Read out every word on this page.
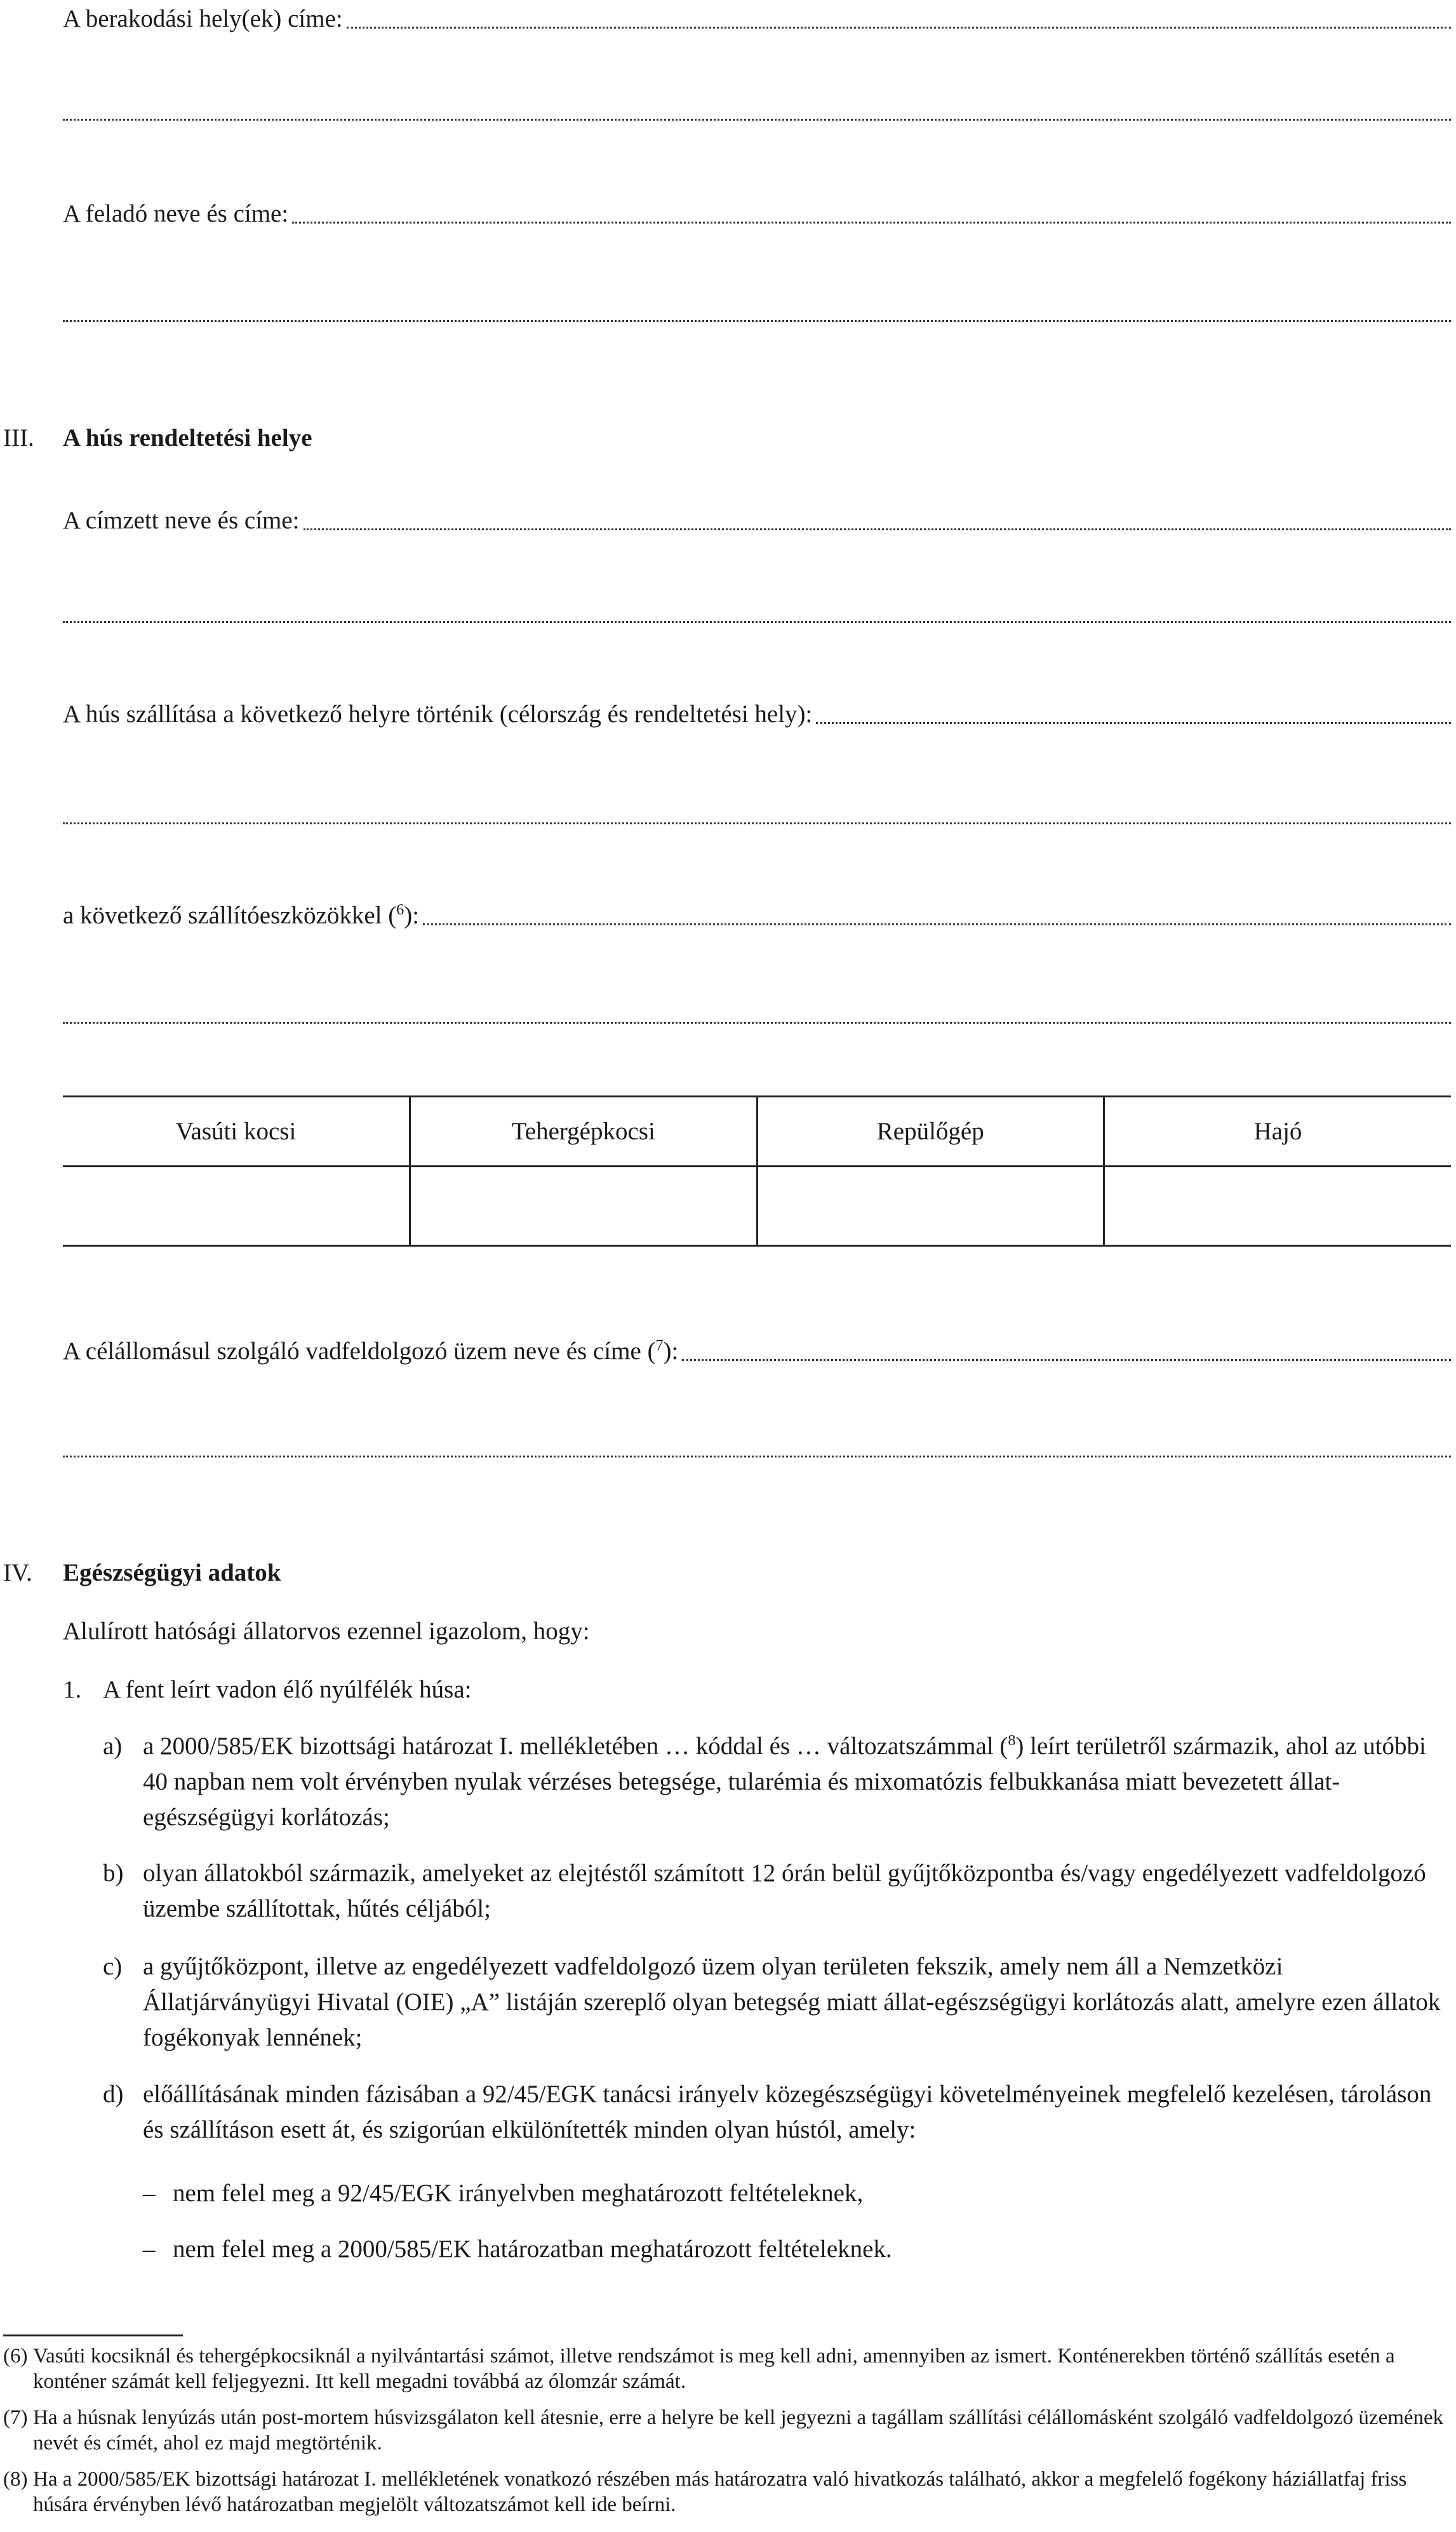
A berakodási hely(ek) címe:
A feladó neve és címe:
III. A hús rendeltetési helye
A címzett neve és címe:
A hús szállítása a következő helyre történik (célország és rendeltetési hely):
a következő szállítóeszközökkel ($^6$):
Vasúti kocsi	Tehergépkocsi	Repülőgép	Hajó

A célállomásul szolgáló vadfeldolgozó üzem neve és címe ($^7$):
IV. Egészségügyi adatok
Alulírott hatósági állatorvos ezennel igazolom, hogy:
1. A fent leírt vadon élő nyúlfélék húsa:
a) a 2000/585/EK bizottsági határozat I. mellékletében … kóddal és … változatszámmal ($^8$) leírt területről származik, ahol az utóbbi 40 napban nem volt érvényben nyulak vérzéses betegsége, tularémia és mixomatózis felbukkanása miatt bevezetett állat-egészségügyi korlátozás;
b) olyan állatokból származik, amelyeket az elejtéstől számított 12 órán belül gyűjtőközpontba és/vagy engedélyezett vadfeldolgozó üzembe szállítottak, hűtés céljából;
c) a gyűjtőközpont, illetve az engedélyezett vadfeldolgozó üzem olyan területen fekszik, amely nem áll a Nemzetközi Állatjárványügyi Hivatal (OIE) „A” listáján szereplő olyan betegség miatt állat-egészségügyi korlátozás alatt, amelyre ezen állatok fogékonyak lennének;
d) előállításának minden fázisában a 92/45/EGK tanácsi irányelv közegészségügyi követelményeinek megfelelő kezelésen, tároláson és szállításon esett át, és szigorúan elkülönítették minden olyan hústól, amely:
– nem felel meg a 92/45/EGK irányelvben meghatározott feltételeknek,
– nem felel meg a 2000/585/EK határozatban meghatározott feltételeknek.
(6) Vasúti kocsiknál és tehergépkocsiknál a nyilvántartási számot, illetve rendszámot is meg kell adni, amennyiben az ismert. Konténerekben történő szállítás esetén a konténer számát kell feljegyezni. Itt kell megadni továbbá az ólomzár számát.
(7) Ha a húsnak lenyúzás után post-mortem húsvizsgálaton kell átesnie, erre a helyre be kell jegyezni a tagállam szállítási célállomásként szolgáló vadfeldolgozó üzemének nevét és címét, ahol ez majd megtörténik.
(8) Ha a 2000/585/EK bizottsági határozat I. mellékletének vonatkozó részében más határozatra való hivatkozás található, akkor a megfelelő fogékony háziállatfaj friss húsára érvényben lévő határozatban megjelölt változatszámot kell ide beírni.
